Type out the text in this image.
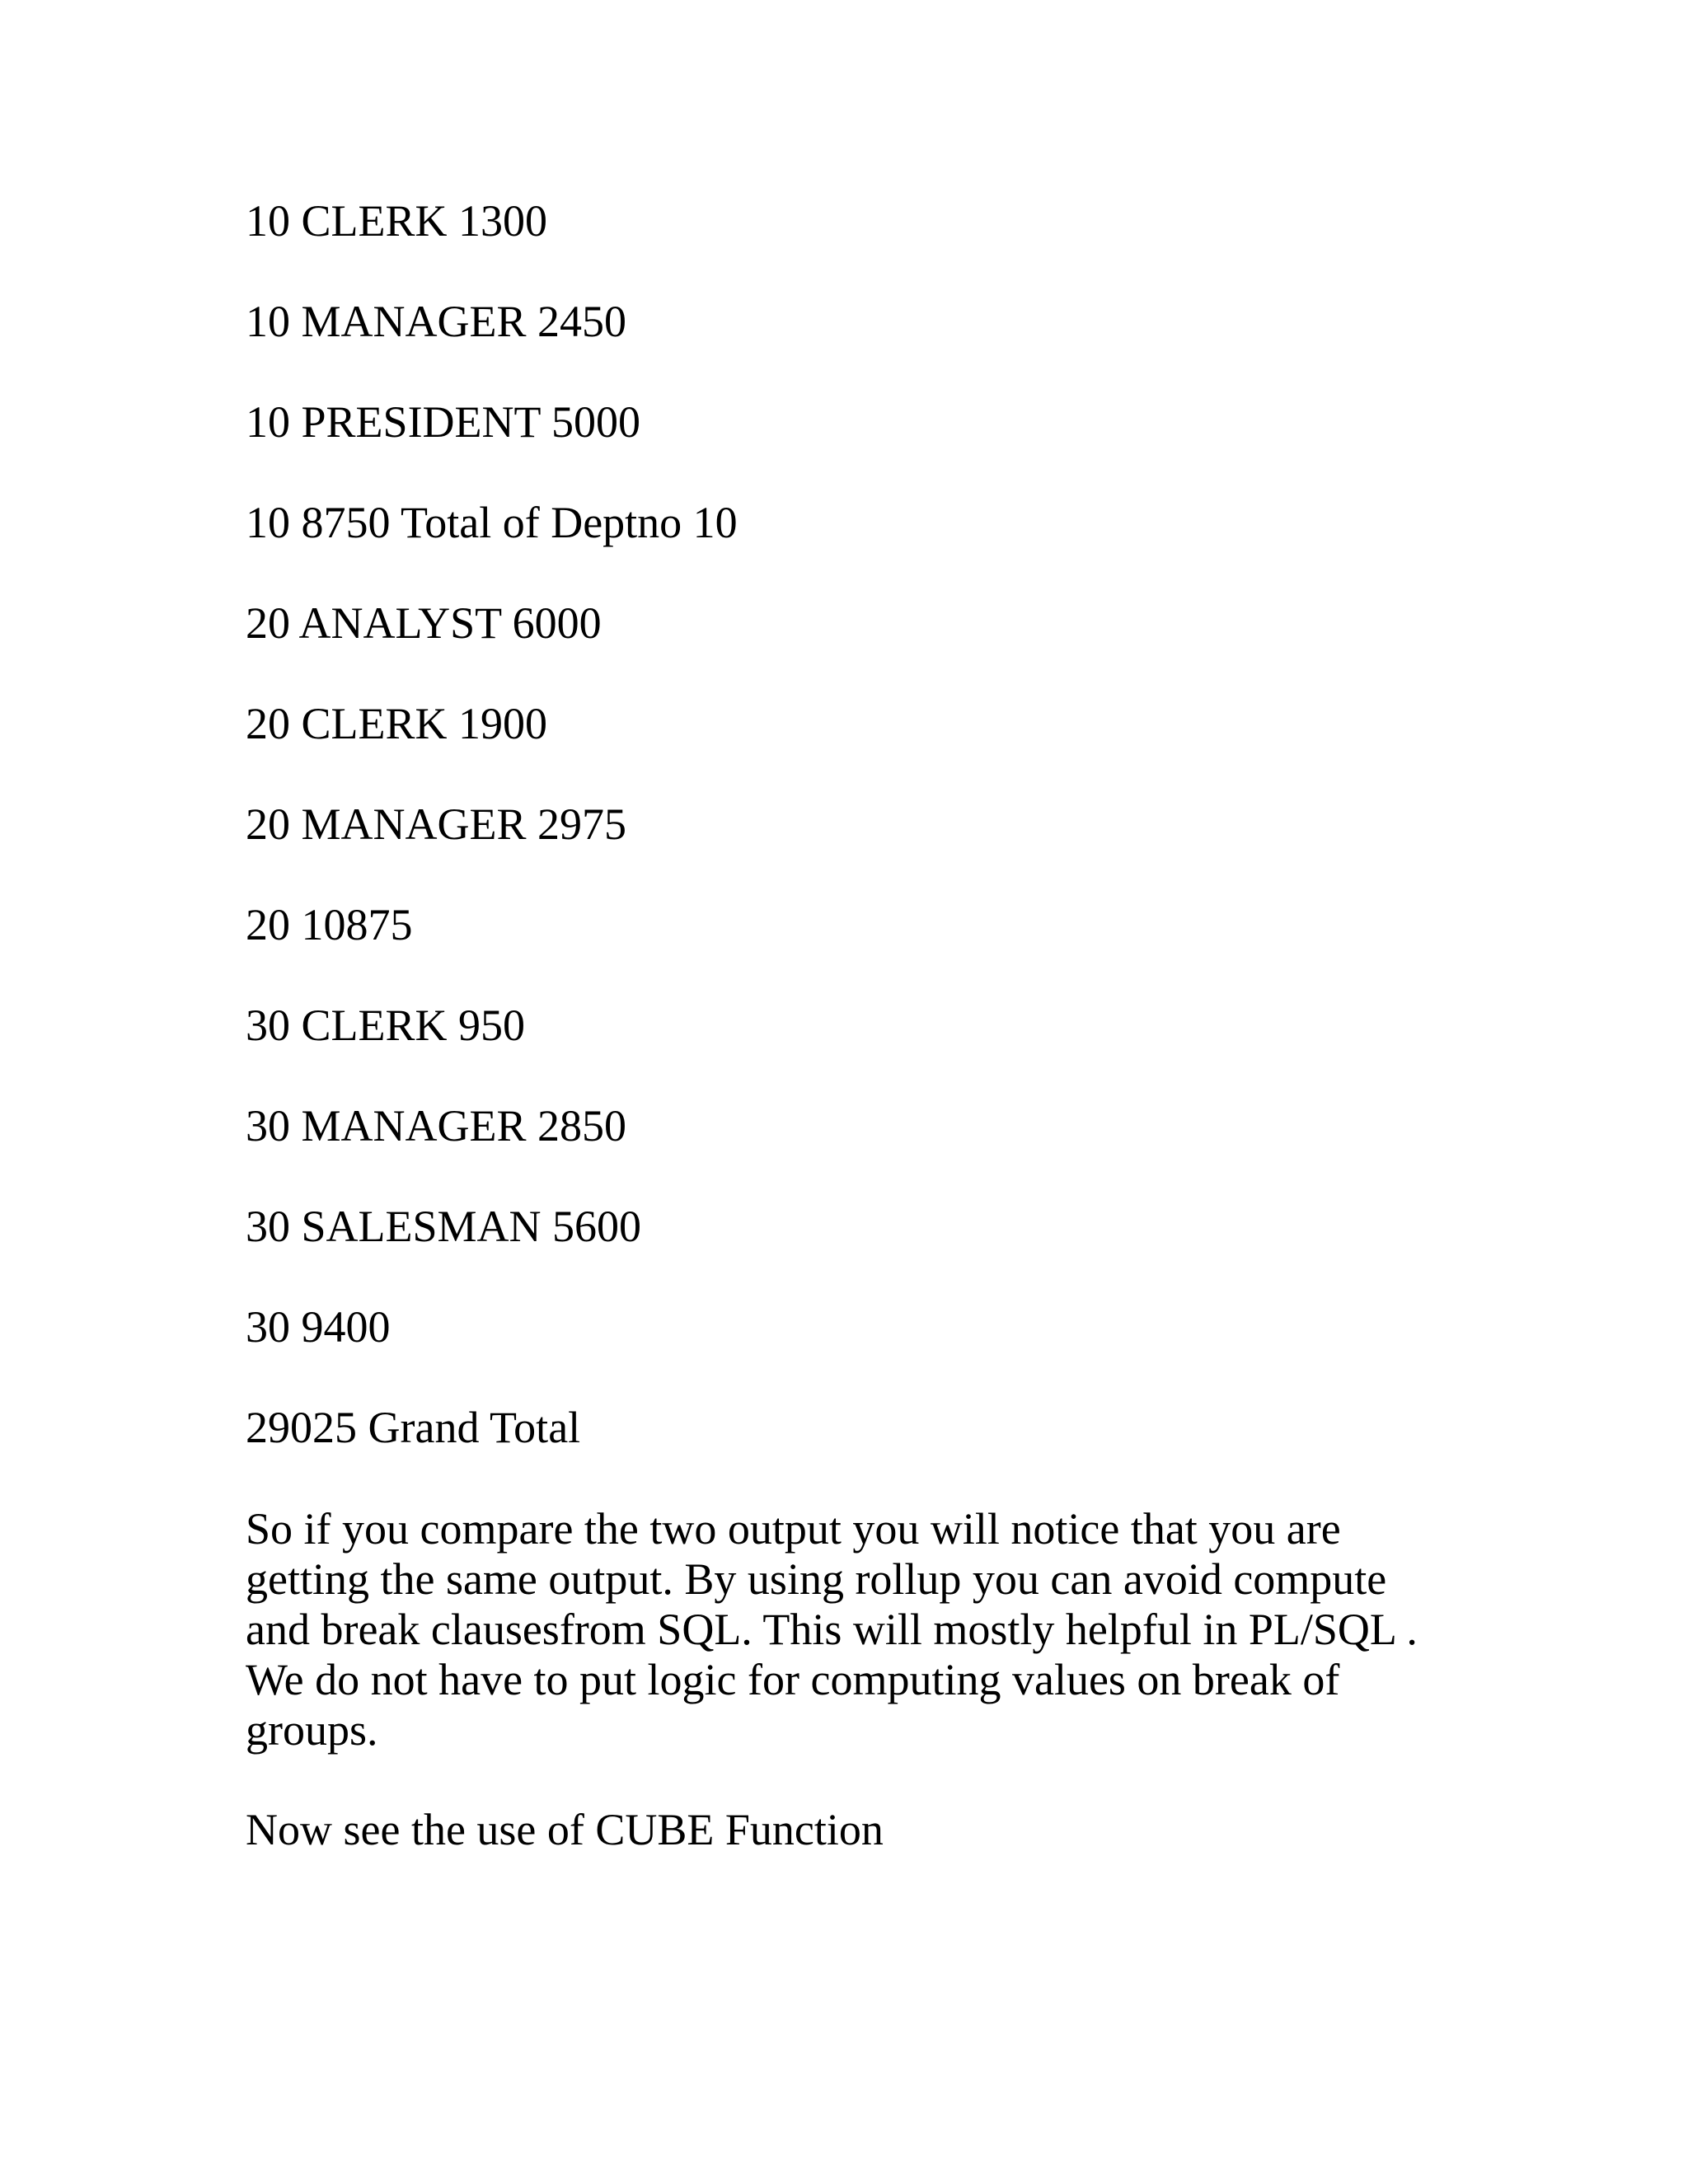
10 CLERK 1300
10 MANAGER 2450
10 PRESIDENT 5000
10 8750 Total of Deptno 10
20 ANALYST 6000
20 CLERK 1900
20 MANAGER 2975
20 10875
30 CLERK 950
30 MANAGER 2850
30 SALESMAN 5600
30 9400
29025 Grand Total
So if you compare the two output you will notice that you are
getting the same output. By using rollup you can avoid compute
and break clausesfrom SQL. This will mostly helpful in PL/SQL .
We do not have to put logic for computing values on break of
groups.
Now see the use of CUBE Function
